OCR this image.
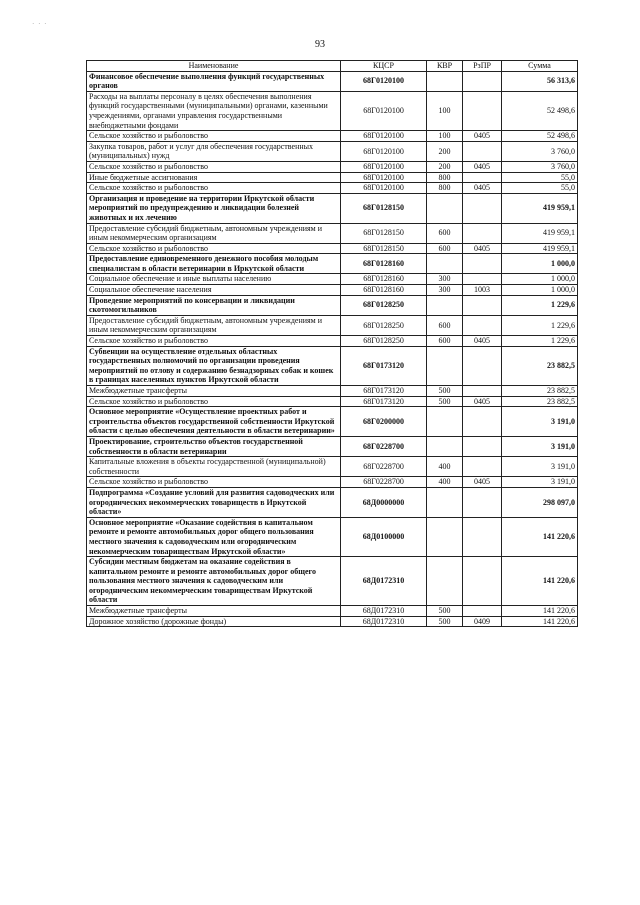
· · ·
93
Наименование	КЦСР	КВР	РзПР	Сумма
Финансовое обеспечение выполнения функций государственных органов	68Г0120100			56 313,6
Расходы на выплаты персоналу в целях обеспечения выполнения функций государственными (муниципальными) органами, казенными учреждениями, органами управления государственными внебюджетными фондами	68Г0120100	100		52 498,6
Сельское хозяйство и рыболовство	68Г0120100	100	0405	52 498,6
Закупка товаров, работ и услуг для обеспечения государственных (муниципальных) нужд	68Г0120100	200		3 760,0
Сельское хозяйство и рыболовство	68Г0120100	200	0405	3 760,0
Иные бюджетные ассигнования	68Г0120100	800		55,0
Сельское хозяйство и рыболовство	68Г0120100	800	0405	55,0
Организация и проведение на территории Иркутской области мероприятий по предупреждению и ликвидации болезней животных и их лечению	68Г0128150			419 959,1
Предоставление субсидий бюджетным, автономным учреждениям и иным некоммерческим организациям	68Г0128150	600		419 959,1
Сельское хозяйство и рыболовство	68Г0128150	600	0405	419 959,1
Предоставление единовременного денежного пособия молодым специалистам в области ветеринарии в Иркутской области	68Г0128160			1 000,0
Социальное обеспечение и иные выплаты населению	68Г0128160	300		1 000,0
Социальное обеспечение населения	68Г0128160	300	1003	1 000,0
Проведение мероприятий по консервации и ликвидации скотомогильников	68Г0128250			1 229,6
Предоставление субсидий бюджетным, автономным учреждениям и иным некоммерческим организациям	68Г0128250	600		1 229,6
Сельское хозяйство и рыболовство	68Г0128250	600	0405	1 229,6
Субвенции на осуществление отдельных областных государственных полномочий по организации проведения мероприятий по отлову и содержанию безнадзорных собак и кошек в границах населенных пунктов Иркутской области	68Г0173120			23 882,5
Межбюджетные трансферты	68Г0173120	500		23 882,5
Сельское хозяйство и рыболовство	68Г0173120	500	0405	23 882,5
Основное мероприятие «Осуществление проектных работ и строительства объектов государственной собственности Иркутской области с целью обеспечения деятельности в области ветеринарии»	68Г0200000			3 191,0
Проектирование, строительство объектов государственной собственности в области ветеринарии	68Г0228700			3 191,0
Капитальные вложения в объекты государственной (муниципальной) собственности	68Г0228700	400		3 191,0
Сельское хозяйство и рыболовство	68Г0228700	400	0405	3 191,0
Подпрограмма «Создание условий для развития садоводческих или огороднических некоммерческих товариществ в Иркутской области»	68Д0000000			298 097,0
Основное мероприятие «Оказание содействия в капитальном ремонте и ремонте автомобильных дорог общего пользования местного значения к садоводческим или огородническим некоммерческим товариществам Иркутской области»	68Д0100000			141 220,6
Субсидии местным бюджетам на оказание содействия в капитальном ремонте и ремонте автомобильных дорог общего пользования местного значения к садоводческим или огородническим некоммерческим товариществам Иркутской области	68Д0172310			141 220,6
Межбюджетные трансферты	68Д0172310	500		141 220,6
Дорожное хозяйство (дорожные фонды)	68Д0172310	500	0409	141 220,6
